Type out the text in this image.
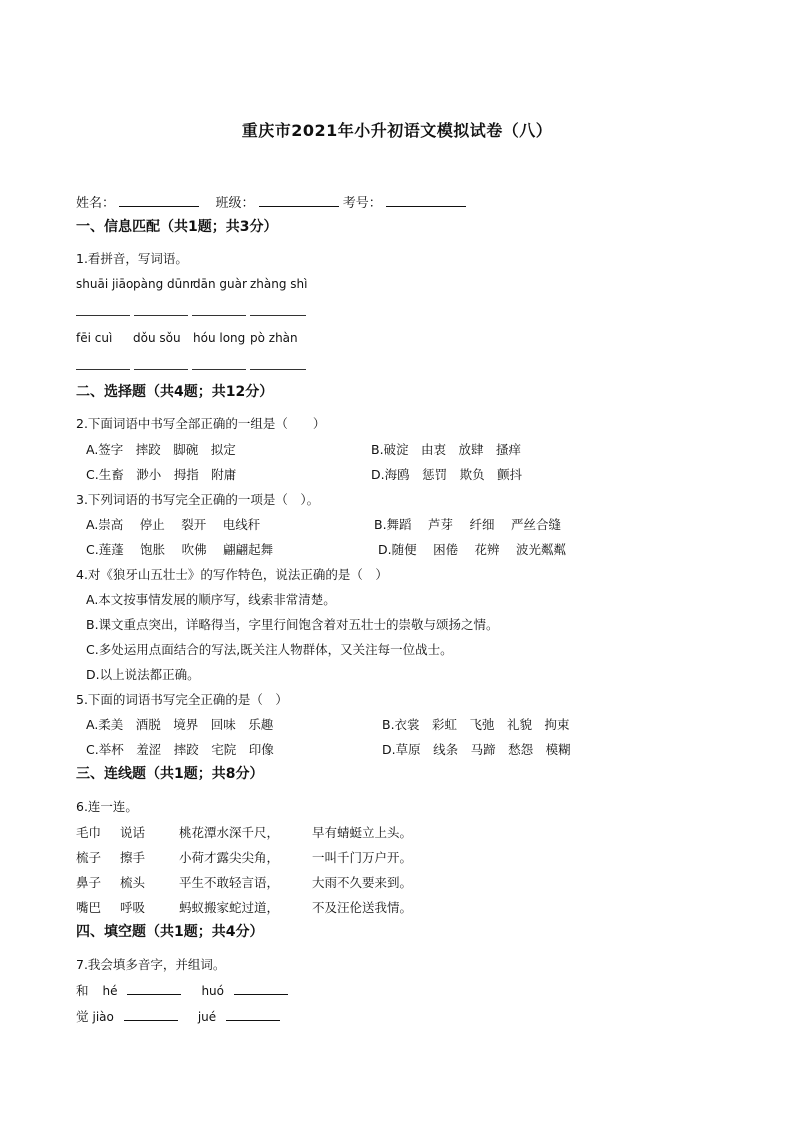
重庆市2021年小升初语文模拟试卷（八）
姓名：	班级：	考号：
一、信息匹配（共1题；共3分）
1.看拼音，写词语。
shuāi jiāo pàng dūnr
dān guàr zhàng shì
fēi cuì dǒu sǒu hóu long pò zhàn
二、选择题（共4题；共12分）
2.下面词语中书写全部正确的一组是（　　）
A.签字　摔跤　脚碗　拟定	B.破淀　由衷　放肆　搔痒
C.生畜　渺小　拇指　附庸	D.海鸥　惩罚　欺负　颤抖
3.下列词语的书写完全正确的一项是（　）。
A.崇高　 停止　 裂开　 电线秆	B.舞蹈　 芦芽　 纤细　 严丝合缝
C.莲蓬　 饱胀　 吹佛　 翩翩起舞	D.随便　 困倦　 花辨　 波光粼粼
4.对《狼牙山五壮士》的写作特色，说法正确的是（　）
A.本文按事情发展的顺序写，线索非常清楚。
B.课文重点突出，详略得当，字里行间饱含着对五壮士的崇敬与颂扬之情。
C.多处运用点面结合的写法,既关注人物群体，又关注每一位战士。
D.以上说法都正确。
5.下面的词语书写完全正确的是（　）
A.柔美　酒脱　境界　回味　乐趣	B.衣裳　彩虹　飞弛　礼貌　拘束
C.举杯　羞涩　摔跤　宅院　印像	D.草原　线条　马蹄　愁怨　模糊
三、连线题（共1题；共8分）
6.连一连。
毛巾 说话	桃花潭水深千尺，	早有蜻蜓立上头。
梳子 擦手	小荷才露尖尖角，	一叫千门万户开。
鼻子 梳头	平生不敢轻言语，	大雨不久要来到。
嘴巴 呼吸	蚂蚁搬家蛇过道，	不及汪伦送我情。
四、填空题（共1题；共4分）
7.我会填多音字，并组词。
和 hé	huó
觉 jiào	jué
